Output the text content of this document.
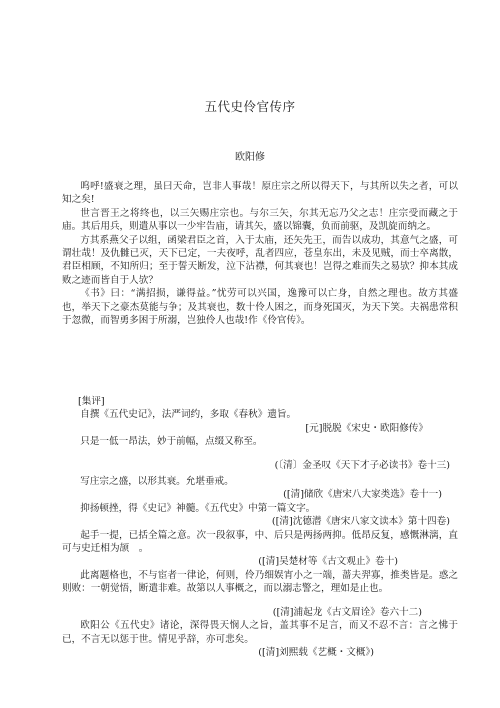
五代史伶官传序
欧阳修

呜呼!盛衰之理，虽曰天命，岂非人事哉！原庄宗之所以得天下，与其所以失之者，可以知之矣!

世言晋王之将终也，以三矢赐庄宗也。与尔三矢，尔其无忘乃父之志！庄宗受而藏之于庙。其后用兵，则遣从事以一少牢告庙，请其矢，盛以锦囊，负而前驱，及凯旋而纳之。

方其系燕父子以组，函梁君臣之首，入于太庙，还矢先王，而告以成功，其意气之盛，可谓壮哉！及仇雠已灭，天下已定，一夫夜呼，乱者四应，苍皇东出，未及见贼，而士卒离散，君臣相顾，不知所归；至于誓天断发，泣下沾襟，何其衰也！岂得之难而失之易欤？抑本其成败之迹而皆自于人欤？

《书》曰：“满招损，谦得益。”忧劳可以兴国，逸豫可以亡身，自然之理也。故方其盛也，举天下之豪杰莫能与争；及其衰也，数十伶人困之，而身死国灭，为天下笑。夫祸患常积于忽微，而智勇多困于所溺，岂独伶人也哉!作《伶官传》。

[集评]

自撰《五代史记》，法严词约，多取《春秋》遗旨。

[元]脱脱《宋史・欧阳修传》

只是一低一昂法，妙于前幅，点缀又称至。

(〔清〕金圣叹《天下才子必读书》卷十三)

写庄宗之盛，以形其衰。允堪垂戒。

([清]储欣《唐宋八大家类选》卷十一)

抑扬顿挫，得《史记》神髓。《五代史》中第一篇文字。

([清]沈德潜《唐宋八家文读本》第十四卷)

起手一提，已括全篇之意。次一段叙事，中、后只是两扬两抑。低昂反复，感慨淋漓，直可与史迁相为颉　。

([清]吴楚材等《古文观止》卷十)

此离题格也，不与宦者一律论，何则，伶乃细娱宵小之一端，蔷夫羿寡，推类皆是。惑之则败：一朝觉悟，断遣非难。故第以人事概之，而以溺志警之，理如是止也。

([清]浦起龙《古文眉诠》卷六十二)

欧阳公《五代史》诸论，深得畏天悯人之旨，盖其事不足言，而又不忍不言：言之怫于已，不言无以惩于世。情见乎辞，亦可悲矣。

([清]刘熙载《艺概・文概》)
